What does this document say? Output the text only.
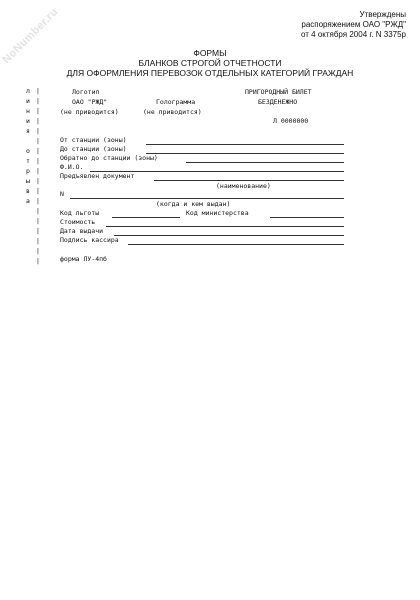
NoNumber.ru	Утверждены
распоряжением ОАО "РЖД"
от 4 октября 2004 г. N 3375р
ФОРМЫ
БЛАНКОВ СТРОГОЙ ОТЧЕТНОСТИ
ДЛЯ ОФОРМЛЕНИЯ ПЕРЕВОЗОК ОТДЕЛЬНЫХ КАТЕГОРИЙ ГРАЖДАН
л
и
н
и
я
о
т
р
ы
в
а
|
|
|
|
|
|
|
|
|
|
|
|
|
|
|
|
|
|
Логотип
ОАО "РЖД"
(не приводится)
Голограмма
(не приводится)
ПРИГОРОДНЫЙ БИЛЕТ
БЕЗДЕНЕЖНО
Л 0000000
От станции (зоны)
До станции (зоны)
Обратно до станции (зоны)
Ф.И.О.
Предъявлен документ
(наименование)
N
(когда и кем выдан)
Код льготы	Код министерства
Стоимость
Дата выдачи
Подпись кассира
форма ЛУ-4пб
